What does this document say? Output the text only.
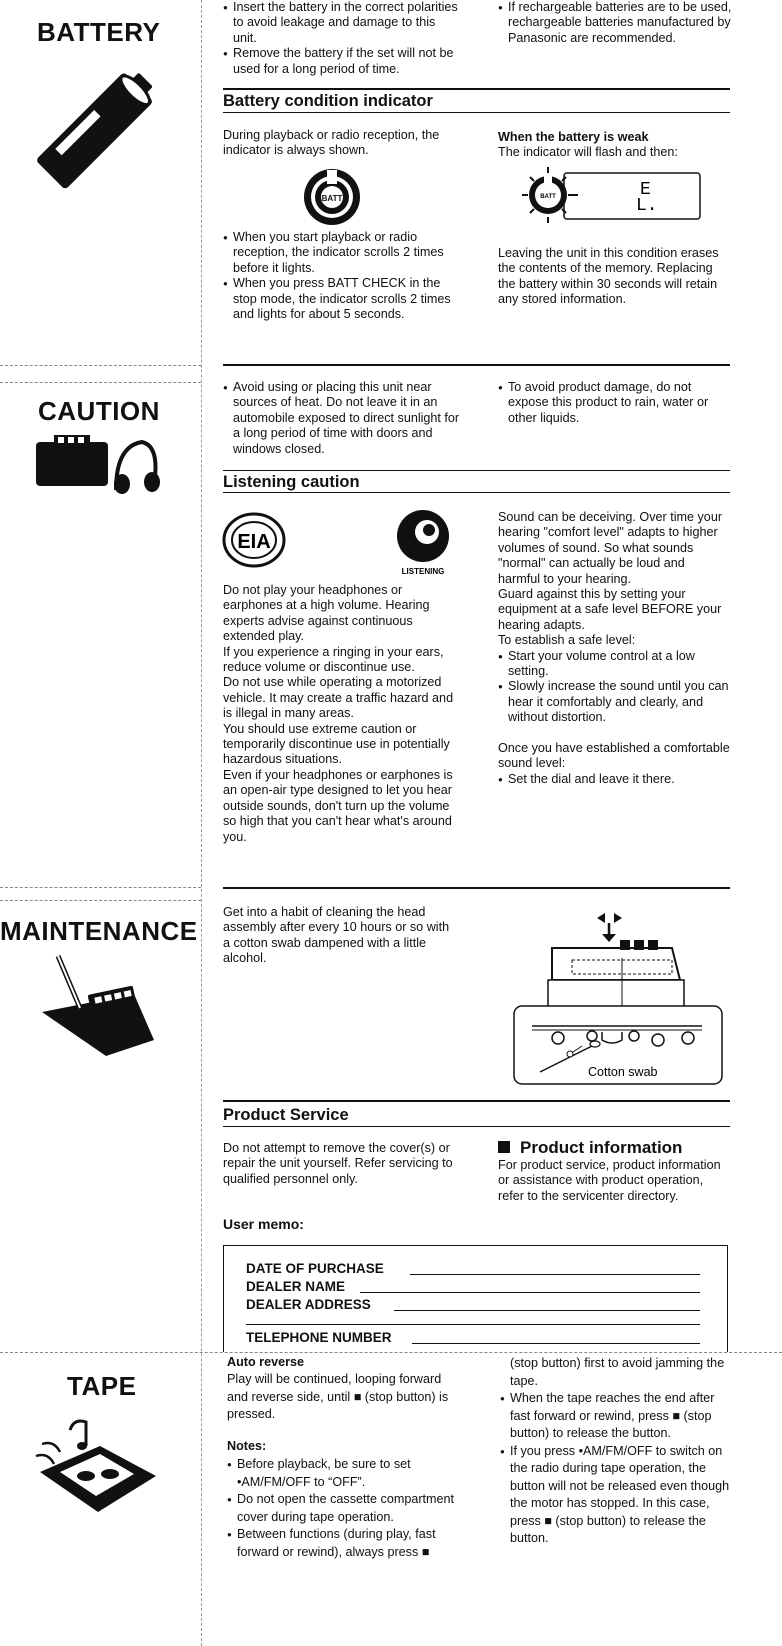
BATTERY

● Insert the battery in the correct polarities to avoid leakage and damage to this unit.

● Remove the battery if the set will not be used for a long period of time.

● If rechargeable batteries are to be used, rechargeable batteries manufactured by Panasonic are recommended.

Battery condition indicator
During playback or radio reception, the indicator is always shown.
BATT

● When you start playback or radio reception, the indicator scrolls 2 times before it lights.

● When you press BATT CHECK in the stop mode, the indicator scrolls 2 times and lights for about 5 seconds.

When the battery is weak
The indicator will flash and then:
BATT	E
L.
Leaving the unit in this condition erases the contents of the memory. Replacing the battery within 30 seconds will retain any stored information.
CAUTION

● Avoid using or placing this unit near sources of heat. Do not leave it in an automobile exposed to direct sunlight for a long period of time with doors and windows closed.

● To avoid product damage, do not expose this product to rain, water or other liquids.

Listening caution
EIA
LISTENING

Do not play your headphones or earphones at a high volume. Hearing experts advise against continuous extended play.

If you experience a ringing in your ears, reduce volume or discontinue use.

Do not use while operating a motorized vehicle. It may create a traffic hazard and is illegal in many areas.

You should use extreme caution or temporarily discontinue use in potentially hazardous situations.

Even if your headphones or earphones is an open-air type designed to let you hear outside sounds, don't turn up the volume so high that you can't hear what's around you.

Sound can be deceiving. Over time your hearing "comfort level" adapts to higher volumes of sound. So what sounds "normal" can actually be loud and harmful to your hearing.

Guard against this by setting your equipment at a safe level BEFORE your hearing adapts.

To establish a safe level:

● Start your volume control at a low setting.

● Slowly increase the sound until you can hear it comfortably and clearly, and without distortion.

Once you have established a comfortable sound level:

● Set the dial and leave it there.

MAINTENANCE
Get into a habit of cleaning the head assembly after every 10 hours or so with a cotton swab dampened with a little alcohol.
Cotton swab
Product Service
Do not attempt to remove the cover(s) or repair the unit yourself. Refer servicing to qualified personnel only.
Product information
For product service, product information or assistance with product operation, refer to the servicenter directory.
User memo:
DATE OF PURCHASE
DEALER NAME
DEALER ADDRESS
TELEPHONE NUMBER
TAPE
Auto reverse
Play will be continued, looping forward and reverse side, until ■ (stop button) is pressed.
Notes:

● Before playback, be sure to set •AM/FM/OFF to “OFF”.

● Do not open the cassette compartment cover during tape operation.

● Between functions (during play, fast forward or rewind), always press ■

(stop button) first to avoid jamming the tape.

● When the tape reaches the end after fast forward or rewind, press ■ (stop button) to release the button.

● If you press •AM/FM/OFF to switch on the radio during tape operation, the button will not be released even though the motor has stopped. In this case, press ■ (stop button) to release the button.
